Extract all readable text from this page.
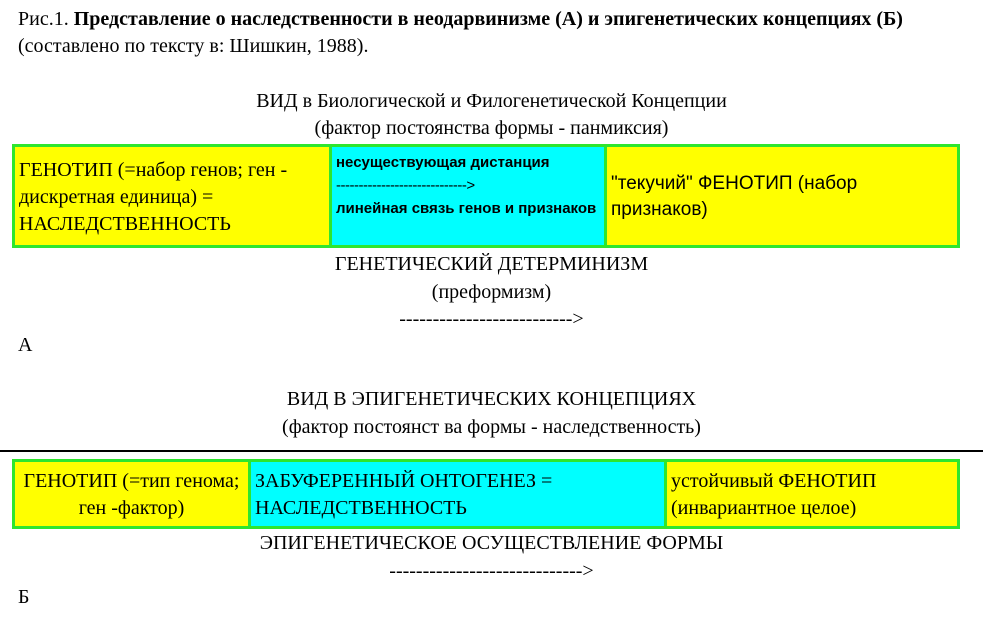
Рис.1. Представление о наследственности в неодарвинизме (А) и эпигенетических концепциях (Б) (составлено по тексту в: Шишкин, 1988).
ВИД в Биологической и Филогенетической Концепции
(фактор постоянства формы - панмиксия)
ГЕНОТИП (=набор генов; ген - дискретная единица) = НАСЛЕДСТВЕННОСТЬ
несуществующая дистанция
----------------------------->
линейная связь генов и признаков
"текучий" ФЕНОТИП (набор признаков)
ГЕНЕТИЧЕСКИЙ ДЕТЕРМИНИЗМ
(преформизм)
-------------------------->
А
ВИД В ЭПИГЕНЕТИЧЕСКИХ КОНЦЕПЦИЯХ
(фактор постоянст ва формы - наследственность)
ГЕНОТИП (=тип генома; ген -фактор)
ЗАБУФЕРЕННЫЙ ОНТОГЕНЕЗ = НАСЛЕДСТВЕННОСТЬ
устойчивый ФЕНОТИП (инвариантное целое)
ЭПИГЕНЕТИЧЕСКОЕ ОСУЩЕСТВЛЕНИЕ ФОРМЫ
----------------------------->
Б
